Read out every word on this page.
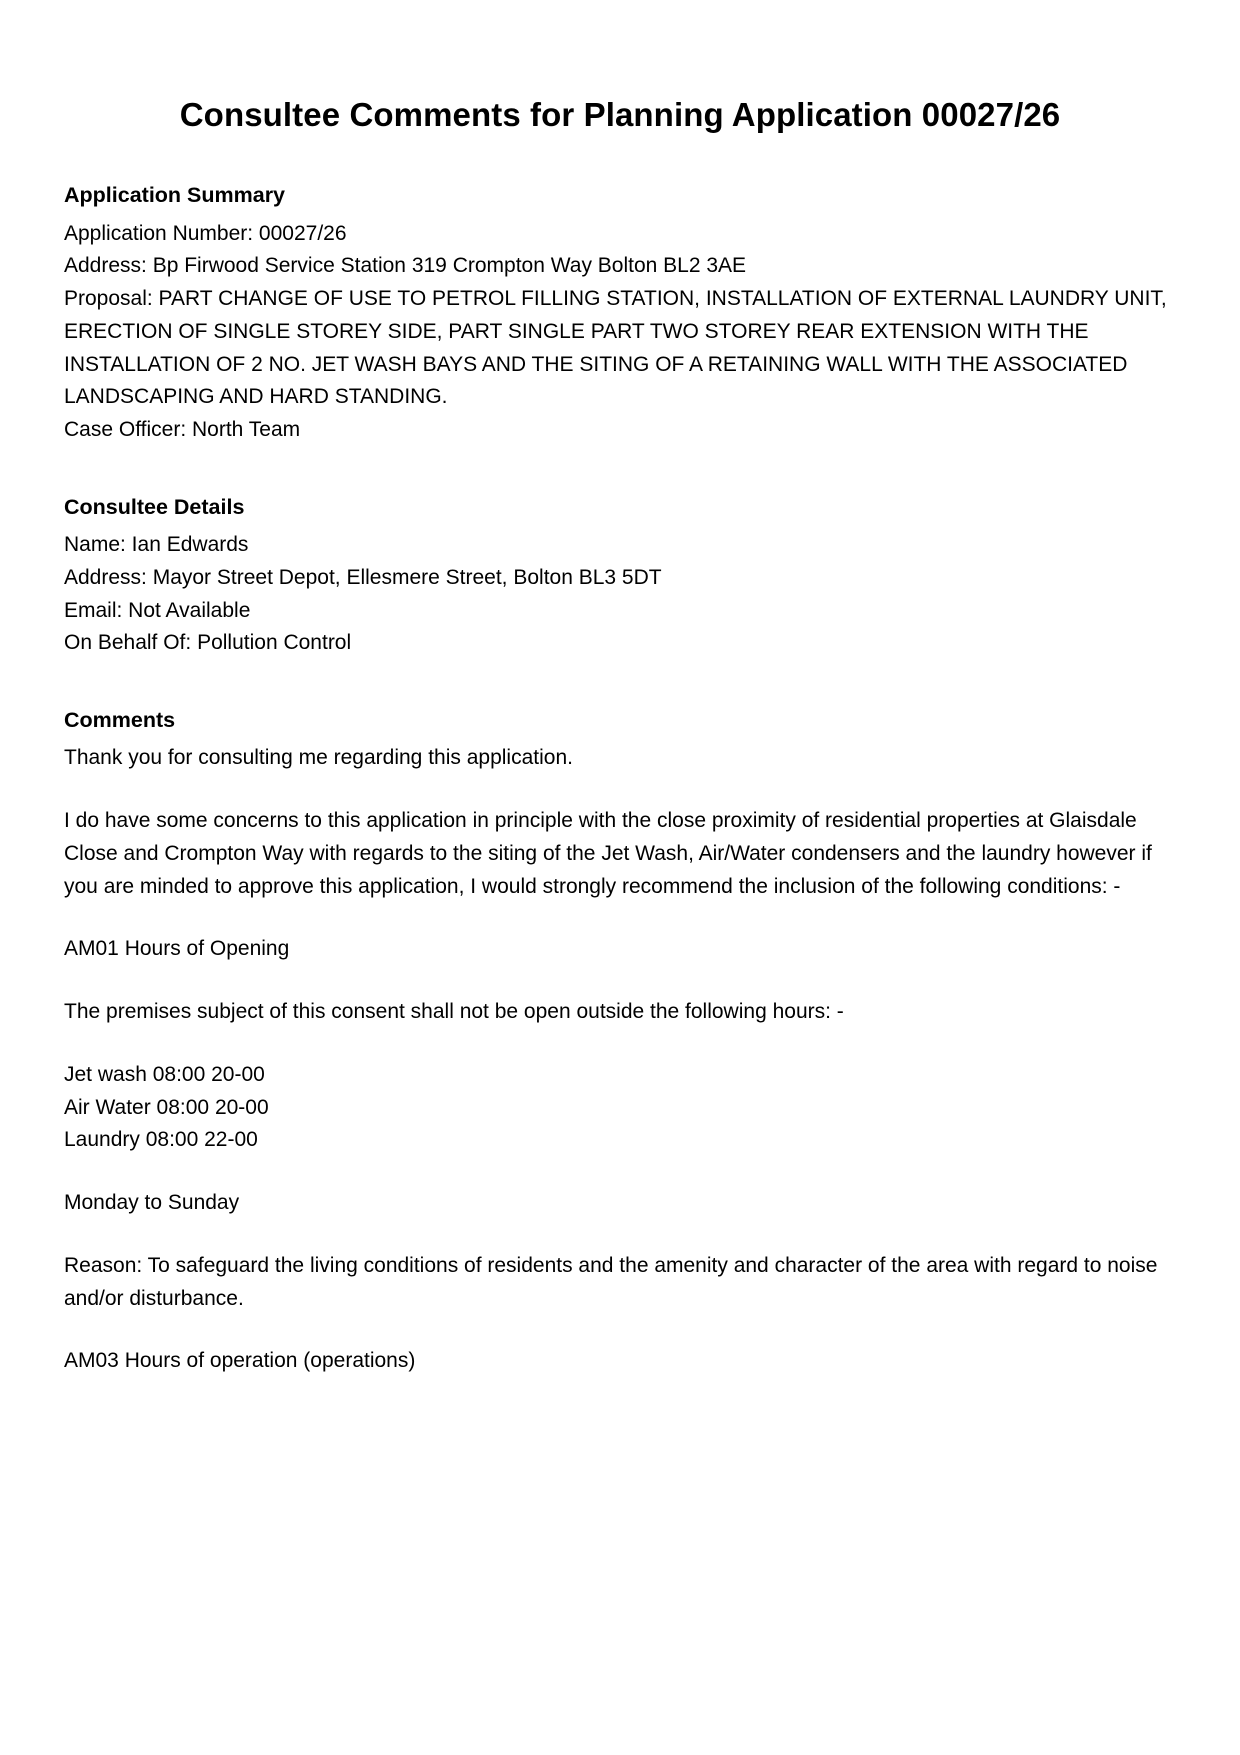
Consultee Comments for Planning Application 00027/26
Application Summary

Application Number: 00027/26

Address: Bp Firwood Service Station 319 Crompton Way Bolton BL2 3AE

Proposal: PART CHANGE OF USE TO PETROL FILLING STATION, INSTALLATION OF EXTERNAL LAUNDRY UNIT, ERECTION OF SINGLE STOREY SIDE, PART SINGLE PART TWO STOREY REAR EXTENSION WITH THE INSTALLATION OF 2 NO. JET WASH BAYS AND THE SITING OF A RETAINING WALL WITH THE ASSOCIATED LANDSCAPING AND HARD STANDING.

Case Officer: North Team

Consultee Details

Name: Ian Edwards

Address: Mayor Street Depot, Ellesmere Street, Bolton BL3 5DT

Email: Not Available

On Behalf Of: Pollution Control

Comments

Thank you for consulting me regarding this application.

I do have some concerns to this application in principle with the close proximity of residential properties at Glaisdale Close and Crompton Way with regards to the siting of the Jet Wash, Air/Water condensers and the laundry however if you are minded to approve this application, I would strongly recommend the inclusion of the following conditions: -

AM01 Hours of Opening

The premises subject of this consent shall not be open outside the following hours: -

Jet wash 08:00 20-00

Air Water 08:00 20-00

Laundry 08:00 22-00

Monday to Sunday

Reason: To safeguard the living conditions of residents and the amenity and character of the area with regard to noise and/or disturbance.

AM03 Hours of operation (operations)
